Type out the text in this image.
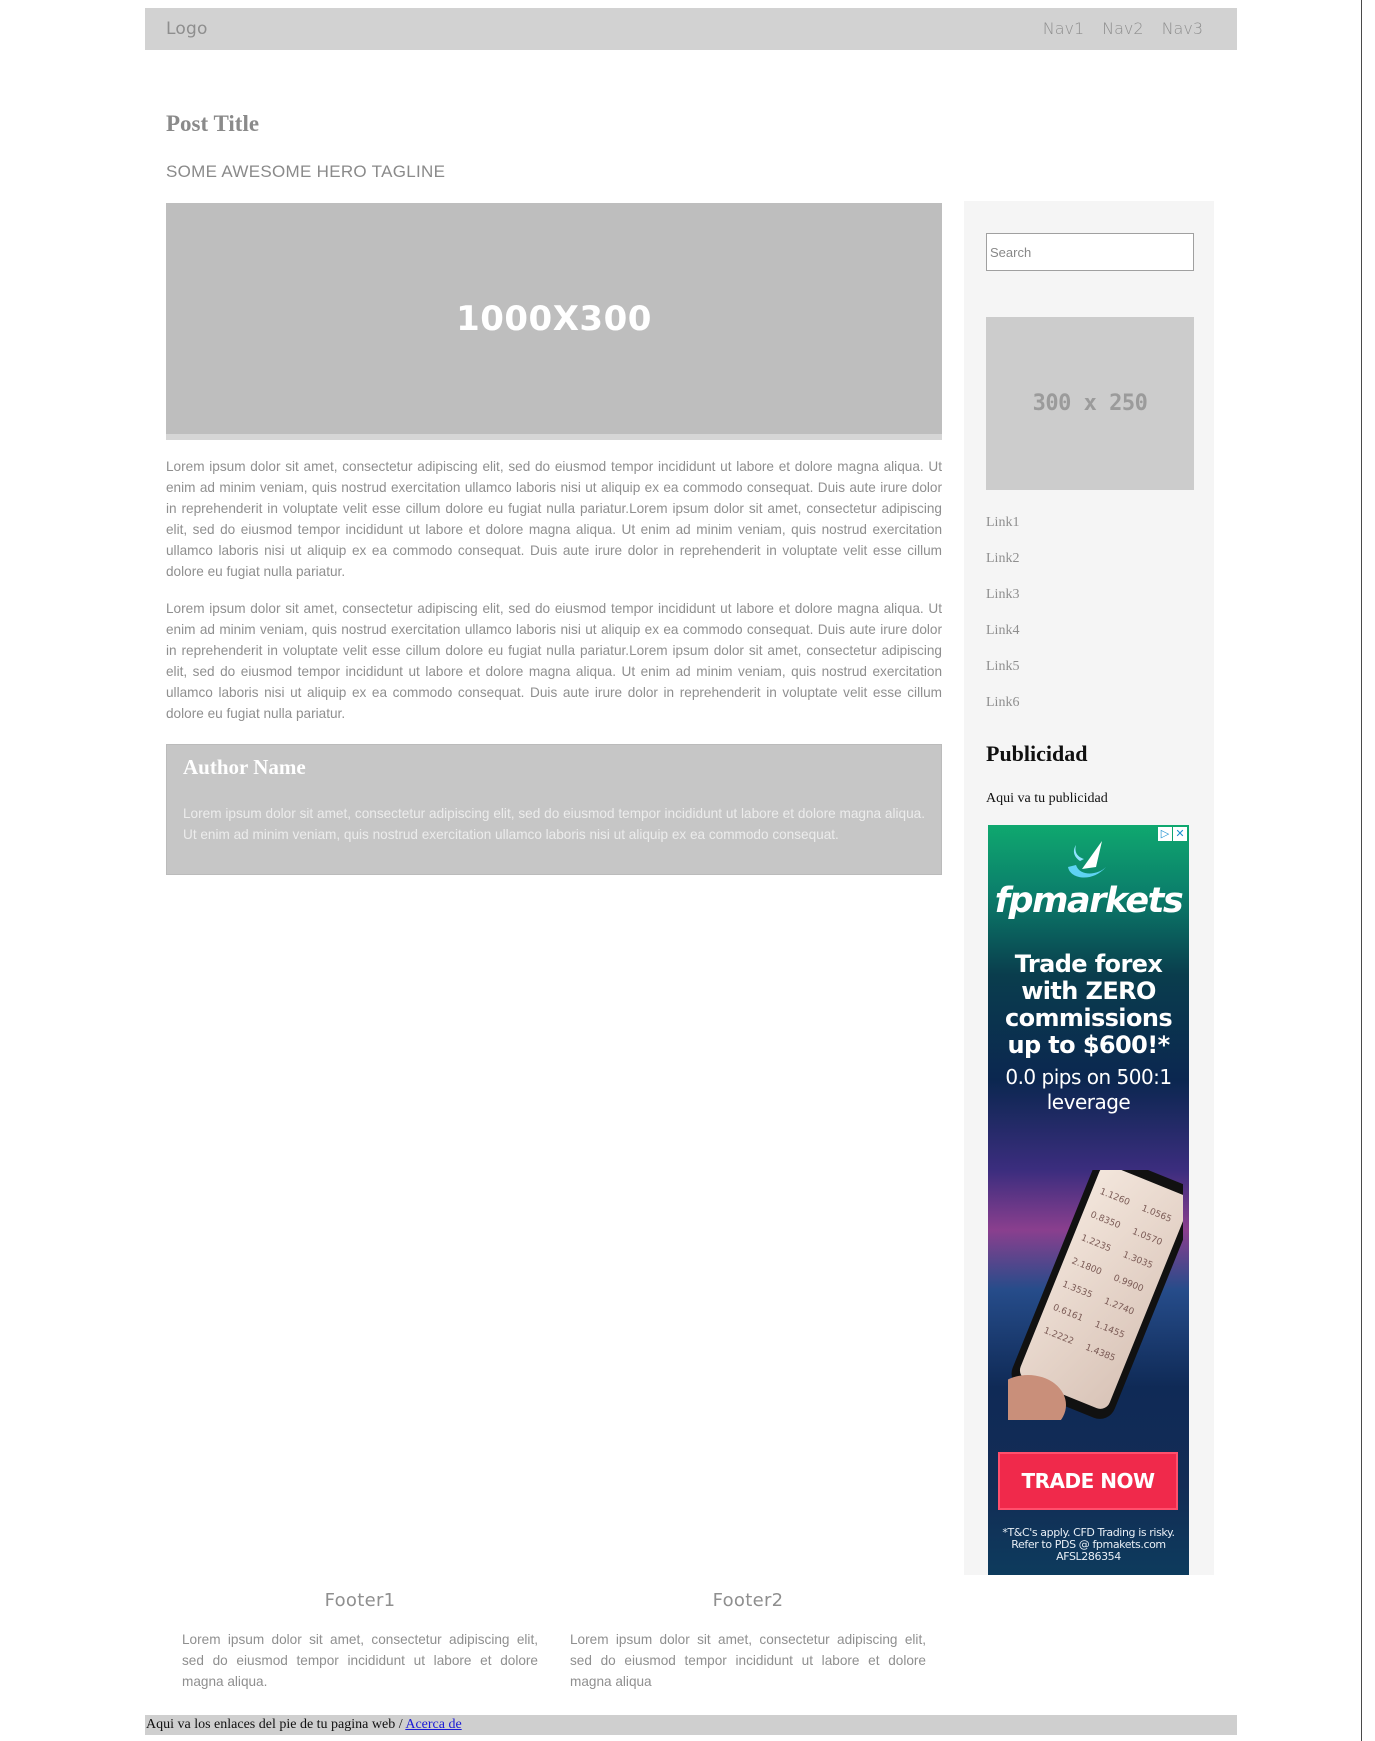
Logo	Nav1 Nav2 Nav3
Post Title
SOME AWESOME HERO TAGLINE
1000X300

Lorem ipsum dolor sit amet, consectetur adipiscing elit, sed do eiusmod tempor incididunt ut labore et dolore magna aliqua. Ut enim ad minim veniam, quis nostrud exercitation ullamco laboris nisi ut aliquip ex ea commodo consequat. Duis aute irure dolor in reprehenderit in voluptate velit esse cillum dolore eu fugiat nulla pariatur.Lorem ipsum dolor sit amet, consectetur adipiscing elit, sed do eiusmod tempor incididunt ut labore et dolore magna aliqua. Ut enim ad minim veniam, quis nostrud exercitation ullamco laboris nisi ut aliquip ex ea commodo consequat. Duis aute irure dolor in reprehenderit in voluptate velit esse cillum dolore eu fugiat nulla pariatur.

Lorem ipsum dolor sit amet, consectetur adipiscing elit, sed do eiusmod tempor incididunt ut labore et dolore magna aliqua. Ut enim ad minim veniam, quis nostrud exercitation ullamco laboris nisi ut aliquip ex ea commodo consequat. Duis aute irure dolor in reprehenderit in voluptate velit esse cillum dolore eu fugiat nulla pariatur.Lorem ipsum dolor sit amet, consectetur adipiscing elit, sed do eiusmod tempor incididunt ut labore et dolore magna aliqua. Ut enim ad minim veniam, quis nostrud exercitation ullamco laboris nisi ut aliquip ex ea commodo consequat. Duis aute irure dolor in reprehenderit in voluptate velit esse cillum dolore eu fugiat nulla pariatur.

Author Name

Lorem ipsum dolor sit amet, consectetur adipiscing elit, sed do eiusmod tempor incididunt ut labore et dolore magna aliqua. Ut enim ad minim veniam, quis nostrud exercitation ullamco laboris nisi ut aliquip ex ea commodo consequat.

Search
300 x 250
Link1
Link2
Link3
Link4
Link5
Link6
Publicidad

Aqui va tu publicidad

▷ ✕
fpmarkets
Trade forex with ZERO commissions up to $600!*
0.0 pips on 500:1 leverage
1.1260
1.0565
0.8350
1.0570
1.2235
1.3035
2.1800
0.9900
1.3535
1.2740
0.6161
1.1455
1.2222
1.4385
TRADE NOW
*T&C's apply. CFD Trading is risky. Refer to PDS @ fpmakets.com AFSL286354
Footer1

Lorem ipsum dolor sit amet, consectetur adipiscing elit, sed do eiusmod tempor incididunt ut labore et dolore magna aliqua.

Footer2

Lorem ipsum dolor sit amet, consectetur adipiscing elit, sed do eiusmod tempor incididunt ut labore et dolore magna aliqua

Aqui va los enlaces del pie de tu pagina web / Acerca de
